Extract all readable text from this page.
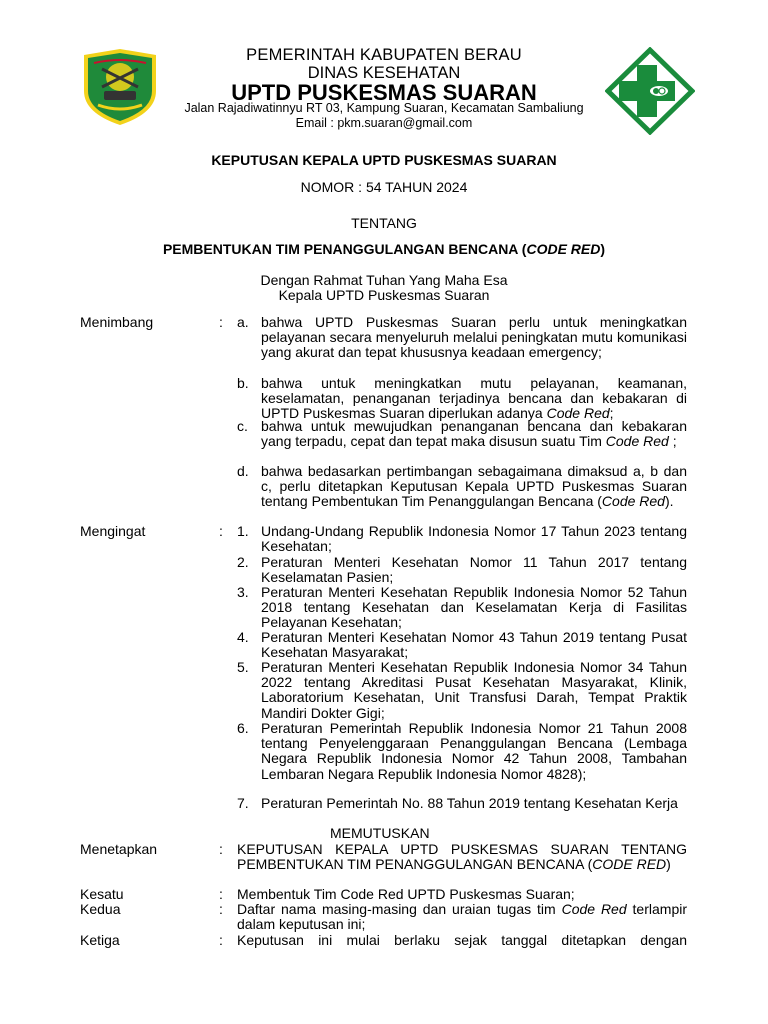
PEMERINTAH KABUPATEN BERAU
DINAS KESEHATAN
UPTD PUSKESMAS SUARAN
Jalan Rajadiwatinnyu RT 03, Kampung Suaran, Kecamatan Sambaliung
Email : pkm.suaran@gmail.com
KEPUTUSAN KEPALA UPTD PUSKESMAS SUARAN
NOMOR : 54 TAHUN 2024
TENTANG
PEMBENTUKAN TIM PENANGGULANGAN BENCANA (CODE RED)
Dengan Rahmat Tuhan Yang Maha Esa
Kepala UPTD Puskesmas Suaran
Menimbang	: a. bahwa UPTD Puskesmas Suaran perlu untuk meningkatkan pelayanan secara menyeluruh melalui peningkatan mutu komunikasi yang akurat dan tepat khususnya keadaan emergency;
b. bahwa untuk meningkatkan mutu pelayanan, keamanan, keselamatan, penanganan terjadinya bencana dan kebakaran di UPTD Puskesmas Suaran diperlukan adanya Code Red;
c. bahwa untuk mewujudkan penanganan bencana dan kebakaran yang terpadu, cepat dan tepat maka disusun suatu Tim Code Red ;
d. bahwa bedasarkan pertimbangan sebagaimana dimaksud a, b dan c, perlu ditetapkan Keputusan Kepala UPTD Puskesmas Suaran tentang Pembentukan Tim Penanggulangan Bencana (Code Red).
Mengingat	: 1. Undang-Undang Republik Indonesia Nomor 17 Tahun 2023 tentang Kesehatan;
2. Peraturan Menteri Kesehatan Nomor 11 Tahun 2017 tentang Keselamatan Pasien;
3. Peraturan Menteri Kesehatan Republik Indonesia Nomor 52 Tahun 2018 tentang Kesehatan dan Keselamatan Kerja di Fasilitas Pelayanan Kesehatan;
4. Peraturan Menteri Kesehatan Nomor 43 Tahun 2019 tentang Pusat Kesehatan Masyarakat;
5. Peraturan Menteri Kesehatan Republik Indonesia Nomor 34 Tahun 2022 tentang Akreditasi Pusat Kesehatan Masyarakat, Klinik, Laboratorium Kesehatan, Unit Transfusi Darah, Tempat Praktik Mandiri Dokter Gigi;
6. Peraturan Pemerintah Republik Indonesia Nomor 21 Tahun 2008 tentang Penyelenggaraan Penanggulangan Bencana (Lembaga Negara Republik Indonesia Nomor 42 Tahun 2008, Tambahan Lembaran Negara Republik Indonesia Nomor 4828);
7. Peraturan Pemerintah No. 88 Tahun 2019 tentang Kesehatan Kerja
MEMUTUSKAN
Menetapkan	: KEPUTUSAN KEPALA UPTD PUSKESMAS SUARAN TENTANG PEMBENTUKAN TIM PENANGGULANGAN BENCANA (CODE RED)
Kesatu	: Membentuk Tim Code Red UPTD Puskesmas Suaran;
Kedua	: Daftar nama masing-masing dan uraian tugas tim Code Red terlampir dalam keputusan ini;
Ketiga	: Keputusan ini mulai berlaku sejak tanggal ditetapkan dengan
